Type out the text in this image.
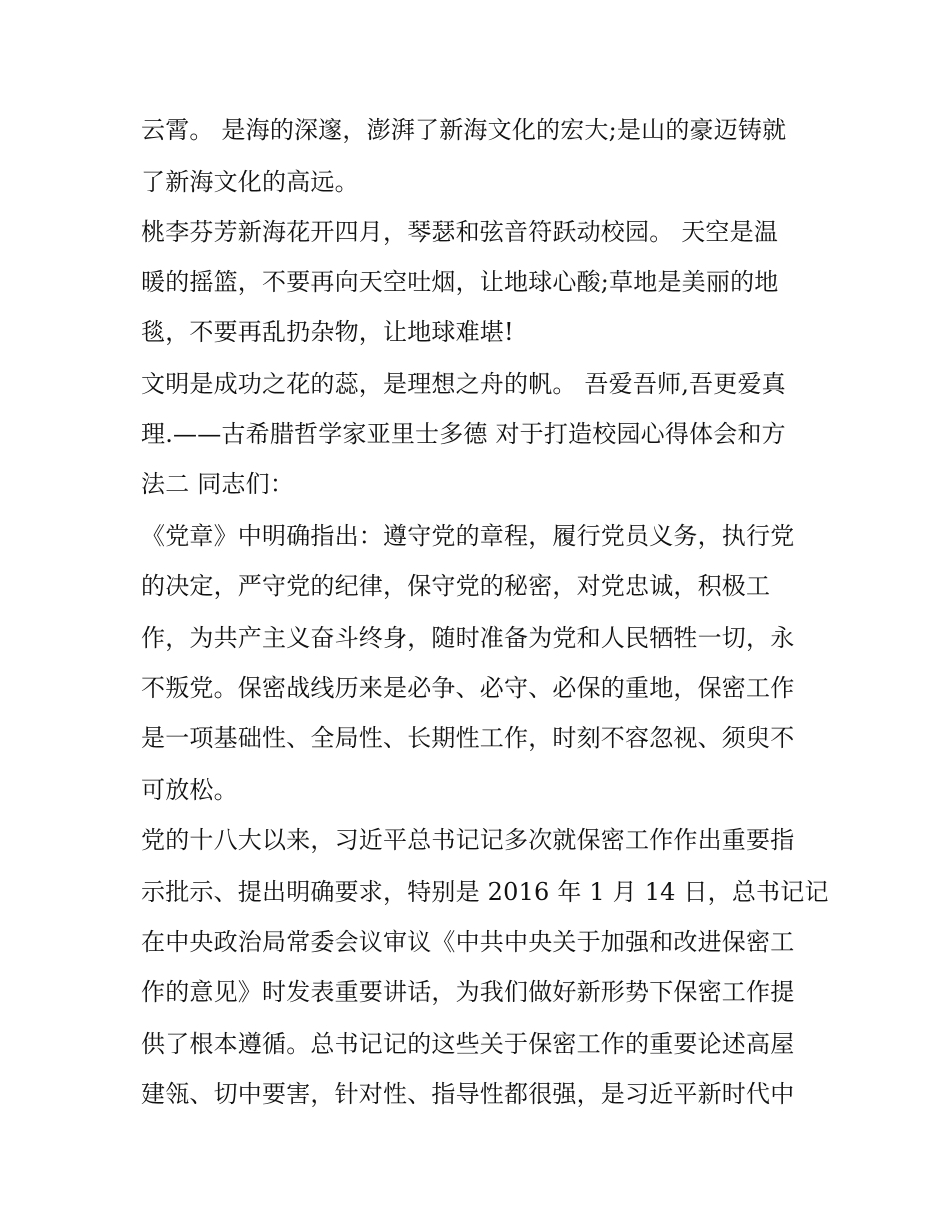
云霄。 是海的深邃，澎湃了新海文化的宏大;是山的豪迈铸就
了新海文化的高远。
桃李芬芳新海花开四月，琴瑟和弦音符跃动校园。 天空是温
暖的摇篮，不要再向天空吐烟，让地球心酸;草地是美丽的地
毯，不要再乱扔杂物，让地球难堪!
文明是成功之花的蕊，是理想之舟的帆。 吾爱吾师,吾更爱真
理.——古希腊哲学家亚里士多德 对于打造校园心得体会和方
法二 同志们：
《党章》中明确指出：遵守党的章程，履行党员义务，执行党
的决定，严守党的纪律，保守党的秘密，对党忠诚，积极工
作，为共产主义奋斗终身，随时准备为党和人民牺牲一切，永
不叛党。保密战线历来是必争、必守、必保的重地，保密工作
是一项基础性、全局性、长期性工作，时刻不容忽视、须臾不
可放松。
党的十八大以来，习近平总书记记多次就保密工作作出重要指
示批示、提出明确要求，特别是 2016 年 1 月 14 日，总书记记
在中央政治局常委会议审议《中共中央关于加强和改进保密工
作的意见》时发表重要讲话，为我们做好新形势下保密工作提
供了根本遵循。总书记记的这些关于保密工作的重要论述高屋
建瓴、切中要害，针对性、指导性都很强，是习近平新时代中
